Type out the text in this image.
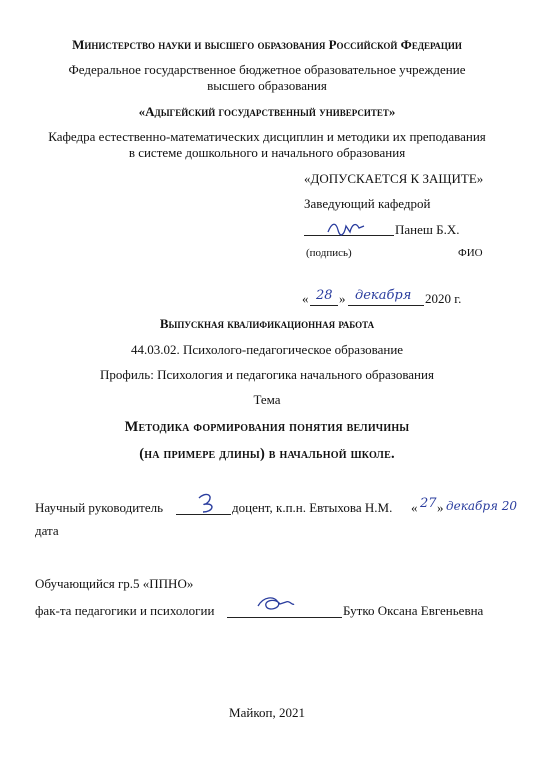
Министерство науки и высшего образования Российской Федерации
Федеральное государственное бюджетное образовательное учреждение
высшего образования
«Адыгейский государственный университет»
Кафедра естественно-математических дисциплин и методики их преподавания
в системе дошкольного и начального образования
«ДОПУСКАЕТСЯ К ЗАЩИТЕ»
Заведующий кафедрой
Панеш Б.Х.
(подпись)	ФИО
« 28 » декабря 2020 г.
Выпускная квалификационная работа
44.03.02. Психолого-педагогическое образование
Профиль: Психология и педагогика начального образования
Тема
Методика формирования понятия величины
(на примере длины) в начальной школе.
Научный руководитель	доцент, к.п.н. Евтыхова Н.М. « 27 » декабря 20
дата
Обучающийся гр.5 «ППНО»
фак-та педагогики и психологии	Бутко Оксана Евгеньевна
Майкоп, 2021
